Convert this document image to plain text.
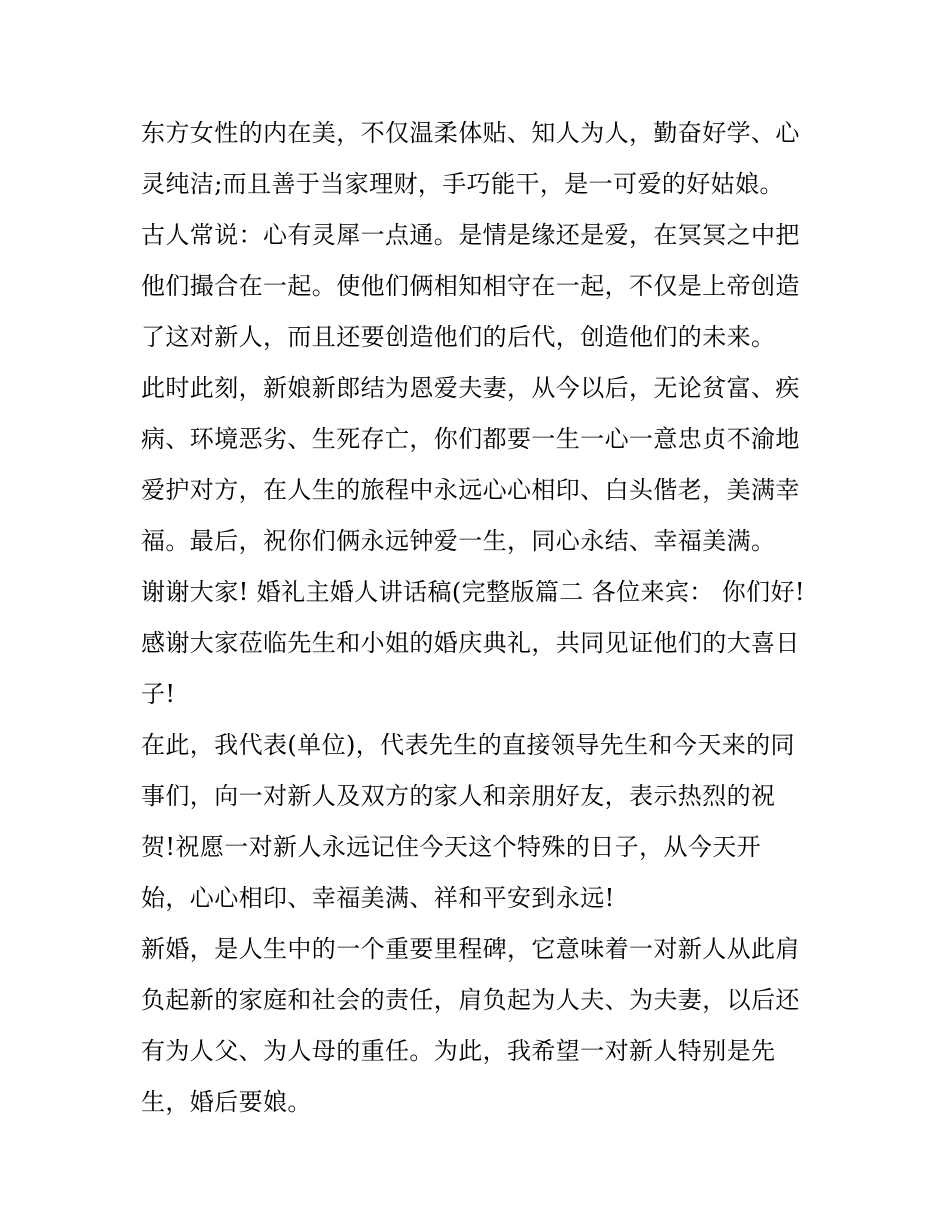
东方女性的内在美，不仅温柔体贴、知人为人，勤奋好学、心
灵纯洁;而且善于当家理财，手巧能干，是一可爱的好姑娘。
古人常说：心有灵犀一点通。是情是缘还是爱，在冥冥之中把
他们撮合在一起。使他们俩相知相守在一起，不仅是上帝创造
了这对新人，而且还要创造他们的后代，创造他们的未来。
此时此刻，新娘新郎结为恩爱夫妻，从今以后，无论贫富、疾
病、环境恶劣、生死存亡，你们都要一生一心一意忠贞不渝地
爱护对方，在人生的旅程中永远心心相印、白头偕老，美满幸
福。最后，祝你们俩永远钟爱一生，同心永结、幸福美满。
谢谢大家! 婚礼主婚人讲话稿(完整版篇二 各位来宾： 你们好!
感谢大家莅临先生和小姐的婚庆典礼，共同见证他们的大喜日
子!
在此，我代表(单位)，代表先生的直接领导先生和今天来的同
事们，向一对新人及双方的家人和亲朋好友，表示热烈的祝
贺!祝愿一对新人永远记住今天这个特殊的日子，从今天开
始，心心相印、幸福美满、祥和平安到永远!
新婚，是人生中的一个重要里程碑，它意味着一对新人从此肩
负起新的家庭和社会的责任，肩负起为人夫、为夫妻，以后还
有为人父、为人母的重任。为此，我希望一对新人特别是先
生，婚后要娘。
